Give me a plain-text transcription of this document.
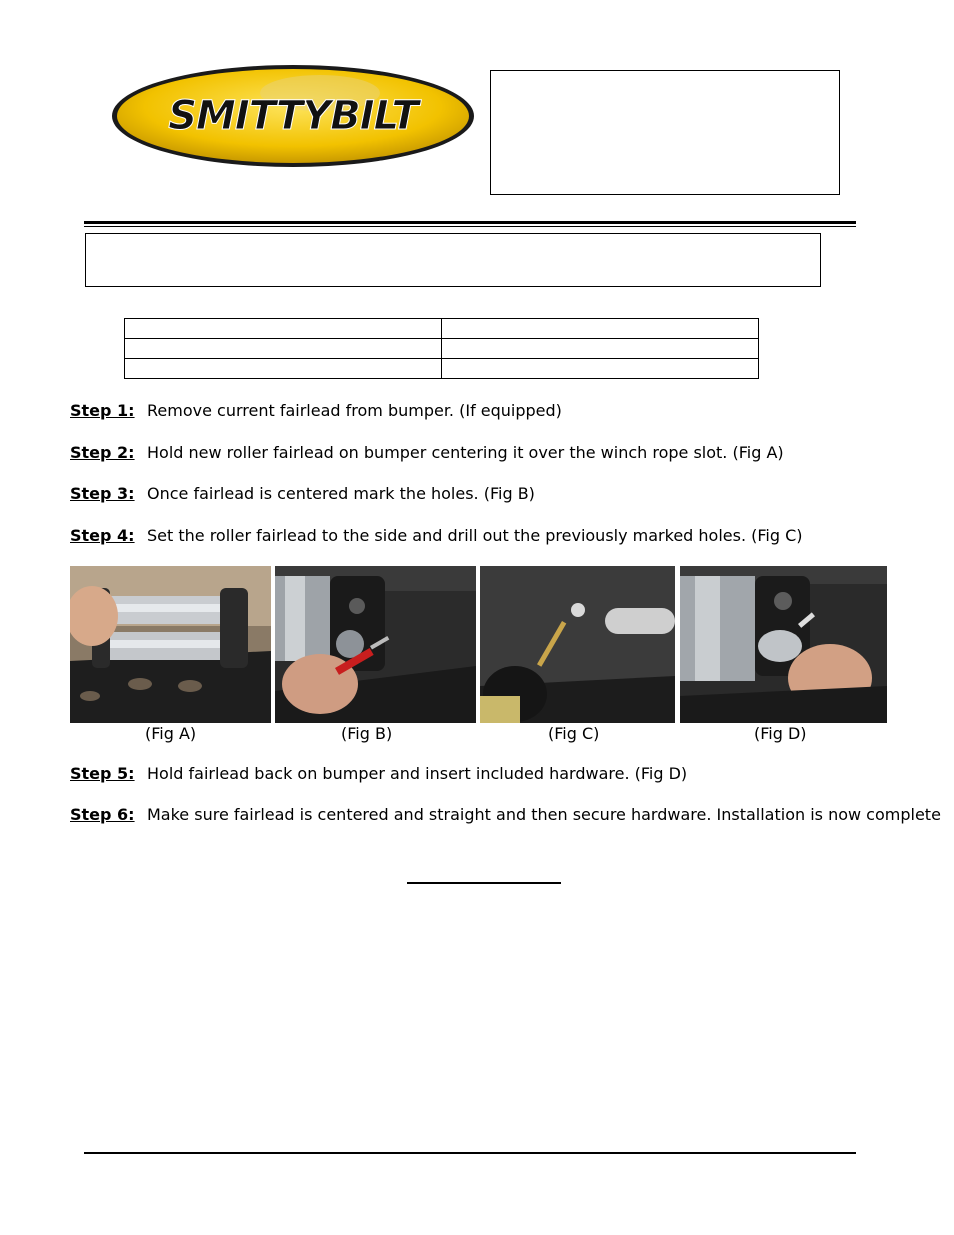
SMITTYBILT

Step 1: Remove current fairlead from bumper. (If equipped)
Step 2: Hold new roller fairlead on bumper centering it over the winch rope slot. (Fig A)
Step 3: Once fairlead is centered mark the holes. (Fig B)
Step 4: Set the roller fairlead to the side and drill out the previously marked holes. (Fig C)
(Fig A)	(Fig B)	(Fig C)	(Fig D)
Step 5: Hold fairlead back on bumper and insert included hardware. (Fig D)
Step 6: Make sure fairlead is centered and straight and then secure hardware. Installation is now complete
